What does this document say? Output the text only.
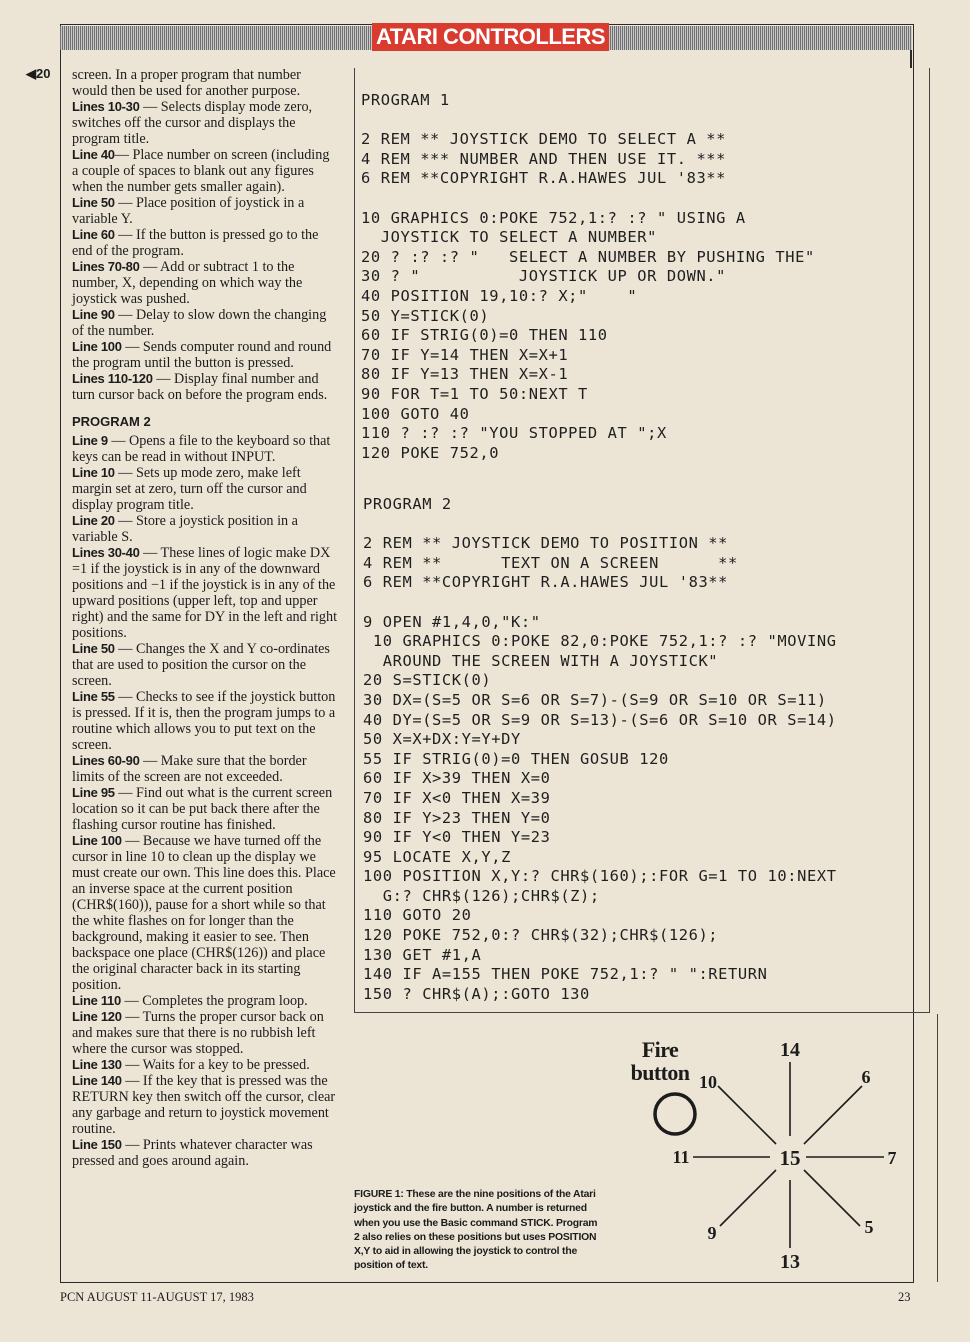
ATARI CONTROLLERS
◀20 screen. In a proper program that number would then be used for another purpose.

Lines 10-30 — Selects display mode zero, switches off the cursor and displays the program title.

Line 40— Place number on screen (including a couple of spaces to blank out any figures when the number gets smaller again).

Line 50 — Place position of joystick in a variable Y.

Line 60 — If the button is pressed go to the end of the program.

Lines 70-80 — Add or subtract 1 to the number, X, depending on which way the joystick was pushed.

Line 90 — Delay to slow down the changing of the number.

Line 100 — Sends computer round and round the program until the button is pressed.

Lines 110-120 — Display final number and turn cursor back on before the program ends.

PROGRAM 2

Line 9 — Opens a file to the keyboard so that keys can be read in without INPUT.

Line 10 — Sets up mode zero, make left margin set at zero, turn off the cursor and display program title.

Line 20 — Store a joystick position in a variable S.

Lines 30-40 — These lines of logic make DX =1 if the joystick is in any of the downward positions and −1 if the joystick is in any of the upward positions (upper left, top and upper right) and the same for DY in the left and right positions.

Line 50 — Changes the X and Y co-ordinates that are used to position the cursor on the screen.

Line 55 — Checks to see if the joystick button is pressed. If it is, then the program jumps to a routine which allows you to put text on the screen.

Lines 60-90 — Make sure that the border limits of the screen are not exceeded.

Line 95 — Find out what is the current screen location so it can be put back there after the flashing cursor routine has finished.

Line 100 — Because we have turned off the cursor in line 10 to clean up the display we must create our own. This line does this. Place an inverse space at the current position (CHR$(160)), pause for a short while so that the white flashes on for longer than the background, making it easier to see. Then backspace one place (CHR$(126)) and place the original character back in its starting position.

Line 110 — Completes the program loop.

Line 120 — Turns the proper cursor back on and makes sure that there is no rubbish left where the cursor was stopped.

Line 130 — Waits for a key to be pressed.

Line 140 — If the key that is pressed was the RETURN key then switch off the cursor, clear any garbage and return to joystick movement routine.

Line 150 — Prints whatever character was pressed and goes around again.

PROGRAM 1
2 REM ** JOYSTICK DEMO TO SELECT A **
4 REM *** NUMBER AND THEN USE IT. ***
6 REM **COPYRIGHT R.A.HAWES JUL '83**
10 GRAPHICS 0:POKE 752,1:? :? " USING A
JOYSTICK TO SELECT A NUMBER"
20 ? :? :? "   SELECT A NUMBER BY PUSHING THE"
30 ? "          JOYSTICK UP OR DOWN."
40 POSITION 19,10:? X;"    "
50 Y=STICK(0)
60 IF STRIG(0)=0 THEN 110
70 IF Y=14 THEN X=X+1
80 IF Y=13 THEN X=X-1
90 FOR T=1 TO 50:NEXT T
100 GOTO 40
110 ? :? :? "YOU STOPPED AT ";X
120 POKE 752,0
PROGRAM 2
2 REM ** JOYSTICK DEMO TO POSITION **
4 REM **      TEXT ON A SCREEN      **
6 REM **COPYRIGHT R.A.HAWES JUL '83**
9 OPEN #1,4,0,"K:"
10 GRAPHICS 0:POKE 82,0:POKE 752,1:? :? "MOVING
AROUND THE SCREEN WITH A JOYSTICK"
20 S=STICK(0)
30 DX=(S=5 OR S=6 OR S=7)-(S=9 OR S=10 OR S=11)
40 DY=(S=5 OR S=9 OR S=13)-(S=6 OR S=10 OR S=14)
50 X=X+DX:Y=Y+DY
55 IF STRIG(0)=0 THEN GOSUB 120
60 IF X>39 THEN X=0
70 IF X<0 THEN X=39
80 IF Y>23 THEN Y=0
90 IF Y<0 THEN Y=23
95 LOCATE X,Y,Z
100 POSITION X,Y:? CHR$(160);:FOR G=1 TO 10:NEXT
G:? CHR$(126);CHR$(Z);
110 GOTO 20
120 POKE 752,0:? CHR$(32);CHR$(126);
130 GET #1,A
140 IF A=155 THEN POKE 752,1:? " ":RETURN
150 ? CHR$(A);:GOTO 130
Fire
button
14
6
7
5
13
9
11
10
15
FIGURE 1: These are the nine positions of the Atari joystick and the fire button. A number is returned when you use the Basic command STICK. Program 2 also relies on these positions but uses POSITION X,Y to aid in allowing the joystick to control the position of text.
PCN AUGUST 11-AUGUST 17, 1983	23
